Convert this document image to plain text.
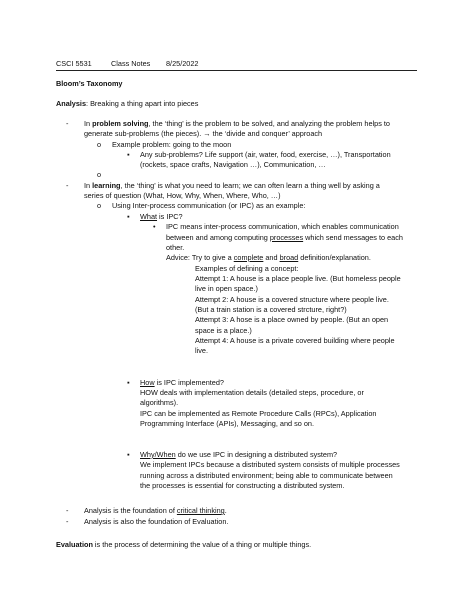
CSCI 5531	Class Notes 8/25/2022
Bloom’s Taxonomy
Analysis: Breaking a thing apart into pieces
- In problem solving, the ‘thing’ is the problem to be solved, and analyzing the problem helps to
generate sub-problems (the pieces). → the ‘divide and conquer’ approach
o Example problem: going to the moon
▪ Any sub-problems? Life support (air, water, food, exercise, …), Transportation
(rockets, space crafts, Navigation …), Communication, …
o
- In learning, the ‘thing’ is what you need to learn; we can often learn a thing well by asking a
series of question (What, How, Why, When, Where, Who, …)
o Using Inter-process communication (or IPC) as an example:
▪ What is IPC?
• IPC means inter-process communication, which enables communication
between and among computing processes which send messages to each
other.
Advice: Try to give a complete and broad definition/explanation.
Examples of defining a concept:
Attempt 1: A house is a place people live. (But homeless people
live in open space.)
Attempt 2: A house is a covered structure where people live.
(But a train station is a covered strcture, right?)
Attempt 3: A hose is a place owned by people. (But an open
space is a place.)
Attempt 4: A house is a private covered building where people
live.
▪ How is IPC implemented?
HOW deals with implementation details (detailed steps, procedure, or
algorithms).
IPC can be implemented as Remote Procedure Calls (RPCs), Application
Programming Interface (APIs), Messaging, and so on.
▪ Why/When do we use IPC in designing a distributed system?
We implement IPCs because a distributed system consists of multiple processes
running across a distributed environment; being able to communicate between
the processes is essential for constructing a distributed system.
- Analysis is the foundation of critical thinking.
- Analysis is also the foundation of Evaluation.
Evaluation is the process of determining the value of a thing or multiple things.
